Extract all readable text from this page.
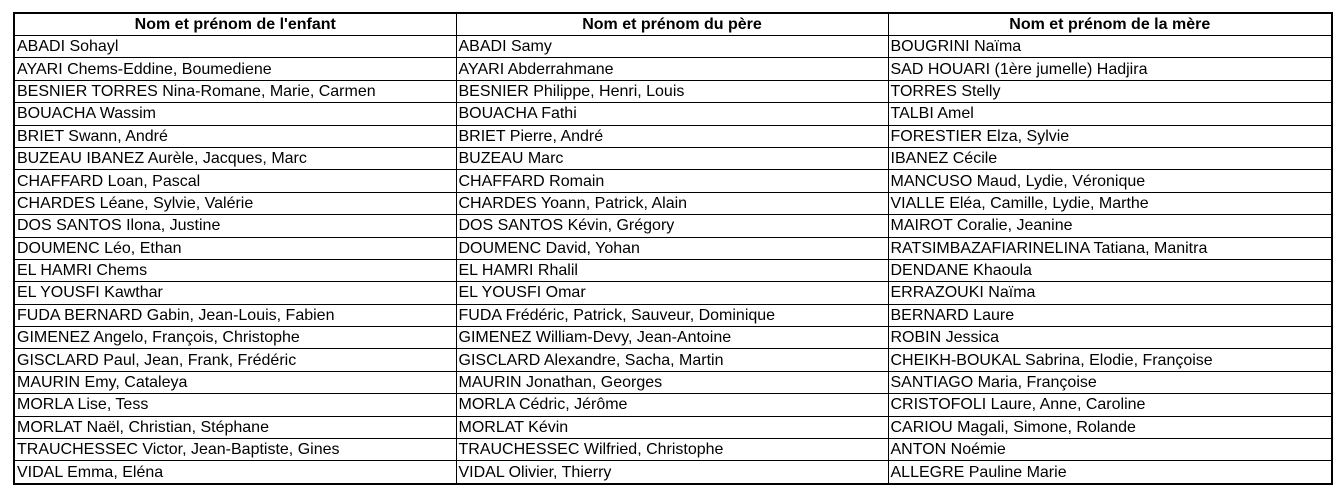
Nom et prénom de l'enfant	Nom et prénom du père	Nom et prénom de la mère
ABADI Sohayl	ABADI Samy	BOUGRINI Naïma
AYARI Chems-Eddine, Boumediene	AYARI Abderrahmane	SAD HOUARI (1ère jumelle) Hadjira
BESNIER TORRES Nina-Romane, Marie, Carmen	BESNIER Philippe, Henri, Louis	TORRES Stelly
BOUACHA Wassim	BOUACHA Fathi	TALBI Amel
BRIET Swann, André	BRIET Pierre, André	FORESTIER Elza, Sylvie
BUZEAU IBANEZ Aurèle, Jacques, Marc	BUZEAU Marc	IBANEZ Cécile
CHAFFARD Loan, Pascal	CHAFFARD Romain	MANCUSO Maud, Lydie, Véronique
CHARDES Léane, Sylvie, Valérie	CHARDES Yoann, Patrick, Alain	VIALLE Eléa, Camille, Lydie, Marthe
DOS SANTOS Ilona, Justine	DOS SANTOS Kévin, Grégory	MAIROT Coralie, Jeanine
DOUMENC Léo, Ethan	DOUMENC David, Yohan	RATSIMBAZAFIARINELINA Tatiana, Manitra
EL HAMRI Chems	EL HAMRI Rhalil	DENDANE Khaoula
EL YOUSFI Kawthar	EL YOUSFI Omar	ERRAZOUKI Naïma
FUDA BERNARD Gabin, Jean-Louis, Fabien	FUDA Frédéric, Patrick, Sauveur, Dominique	BERNARD Laure
GIMENEZ Angelo, François, Christophe	GIMENEZ William-Devy, Jean-Antoine	ROBIN Jessica
GISCLARD Paul, Jean, Frank, Frédéric	GISCLARD Alexandre, Sacha, Martin	CHEIKH-BOUKAL Sabrina, Elodie, Françoise
MAURIN Emy, Cataleya	MAURIN Jonathan, Georges	SANTIAGO Maria, Françoise
MORLA Lise, Tess	MORLA Cédric, Jérôme	CRISTOFOLI Laure, Anne, Caroline
MORLAT Naël, Christian, Stéphane	MORLAT Kévin	CARIOU Magali, Simone, Rolande
TRAUCHESSEC Victor, Jean-Baptiste, Gines	TRAUCHESSEC Wilfried, Christophe	ANTON Noémie
VIDAL Emma, Eléna	VIDAL Olivier, Thierry	ALLEGRE Pauline Marie
